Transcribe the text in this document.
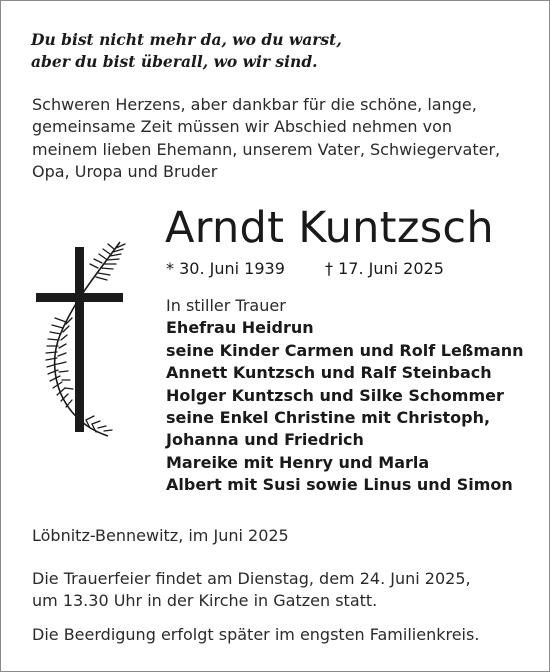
Du bist nicht mehr da, wo du warst,
aber du bist überall, wo wir sind.
Schweren Herzens, aber dankbar für die schöne, lange,
gemeinsame Zeit müssen wir Abschied nehmen von
meinem lieben Ehemann, unserem Vater, Schwiegervater,
Opa, Uropa und Bruder
Arndt Kuntzsch
* 30. Juni 1939	† 17. Juni 2025
In stiller Trauer
Ehefrau Heidrun
seine Kinder Carmen und Rolf Leßmann
Annett Kuntzsch und Ralf Steinbach
Holger Kuntzsch und Silke Schommer
seine Enkel Christine mit Christoph,
Johanna und Friedrich
Mareike mit Henry und Marla
Albert mit Susi sowie Linus und Simon
Löbnitz-Bennewitz, im Juni 2025
Die Trauerfeier findet am Dienstag, dem 24. Juni 2025,
um 13.30 Uhr in der Kirche in Gatzen statt.
Die Beerdigung erfolgt später im engsten Familienkreis.
